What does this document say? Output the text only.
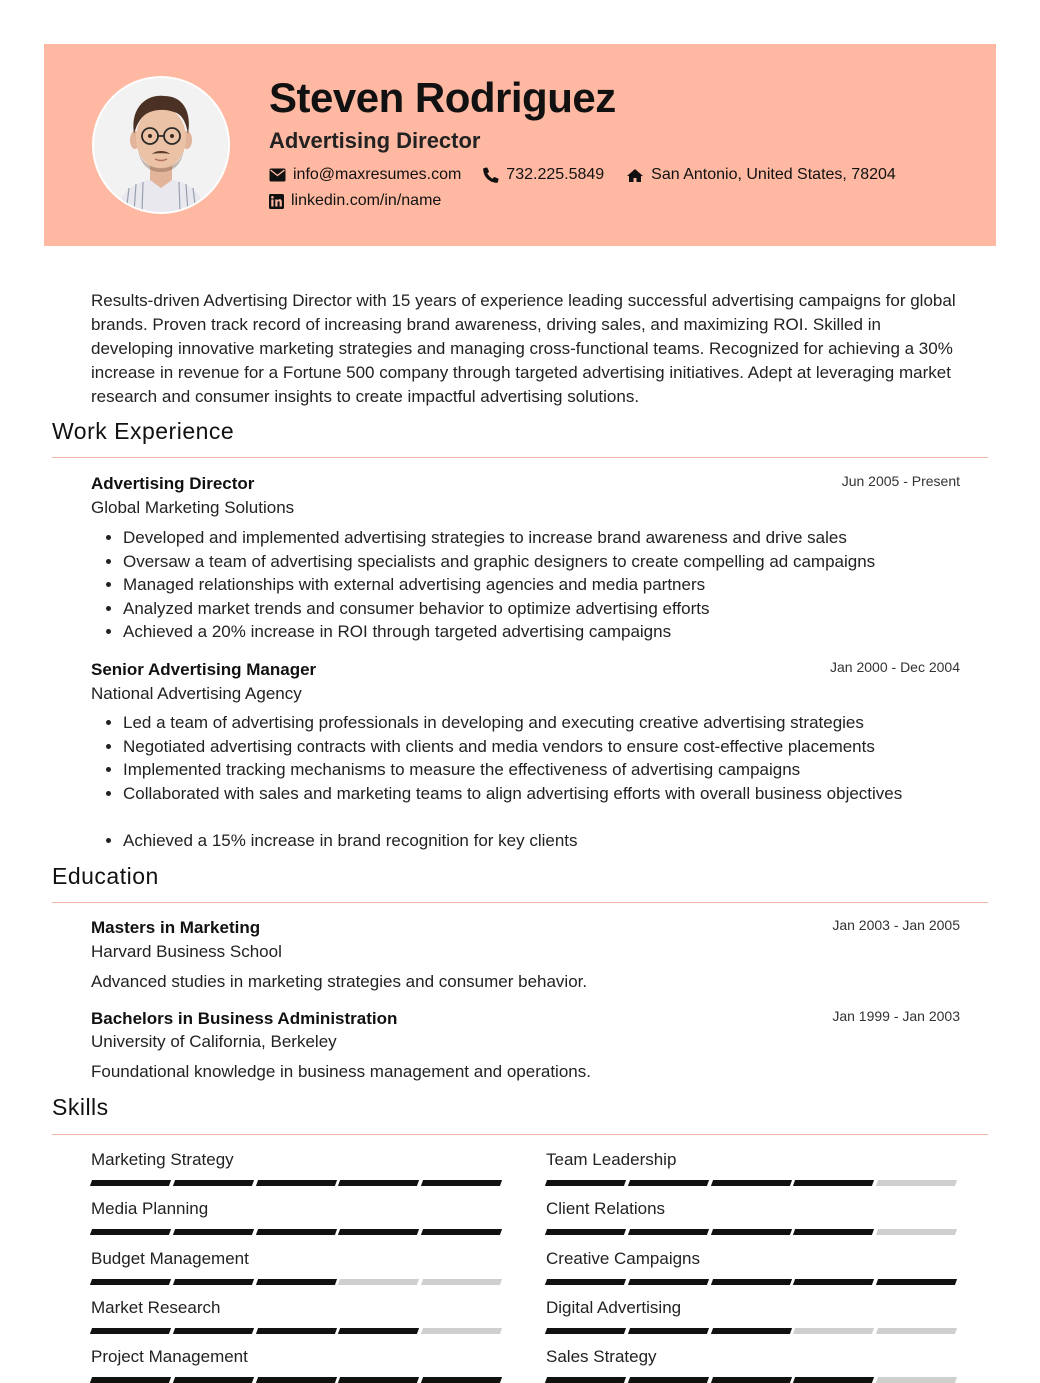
Steven Rodriguez
Advertising Director
info@maxresumes.com	732.225.5849	San Antonio, United States, 78204
linkedin.com/in/name

Results-driven Advertising Director with 15 years of experience leading successful advertising campaigns for global brands. Proven track record of increasing brand awareness, driving sales, and maximizing ROI. Skilled in developing innovative marketing strategies and managing cross-functional teams. Recognized for achieving a 30% increase in revenue for a Fortune 500 company through targeted advertising initiatives. Adept at leveraging market research and consumer insights to create impactful advertising solutions.

Work Experience

Advertising Director	Jun 2005 - Present

Global Marketing Solutions

• Developed and implemented advertising strategies to increase brand awareness and drive sales
• Oversaw a team of advertising specialists and graphic designers to create compelling ad campaigns
• Managed relationships with external advertising agencies and media partners
• Analyzed market trends and consumer behavior to optimize advertising efforts
• Achieved a 20% increase in ROI through targeted advertising campaigns

Senior Advertising Manager	Jan 2000 - Dec 2004

National Advertising Agency

• Led a team of advertising professionals in developing and executing creative advertising strategies
• Negotiated advertising contracts with clients and media vendors to ensure cost-effective placements
• Implemented tracking mechanisms to measure the effectiveness of advertising campaigns
• Collaborated with sales and marketing teams to align advertising efforts with overall business objectives
• Achieved a 15% increase in brand recognition for key clients
Education

Masters in Marketing	Jan 2003 - Jan 2005

Harvard Business School

Advanced studies in marketing strategies and consumer behavior.

Bachelors in Business Administration	Jan 1999 - Jan 2003

University of California, Berkeley

Foundational knowledge in business management and operations.

Skills

Marketing Strategy	Team Leadership

Media Planning	Client Relations

Budget Management	Creative Campaigns

Market Research	Digital Advertising

Project Management	Sales Strategy
